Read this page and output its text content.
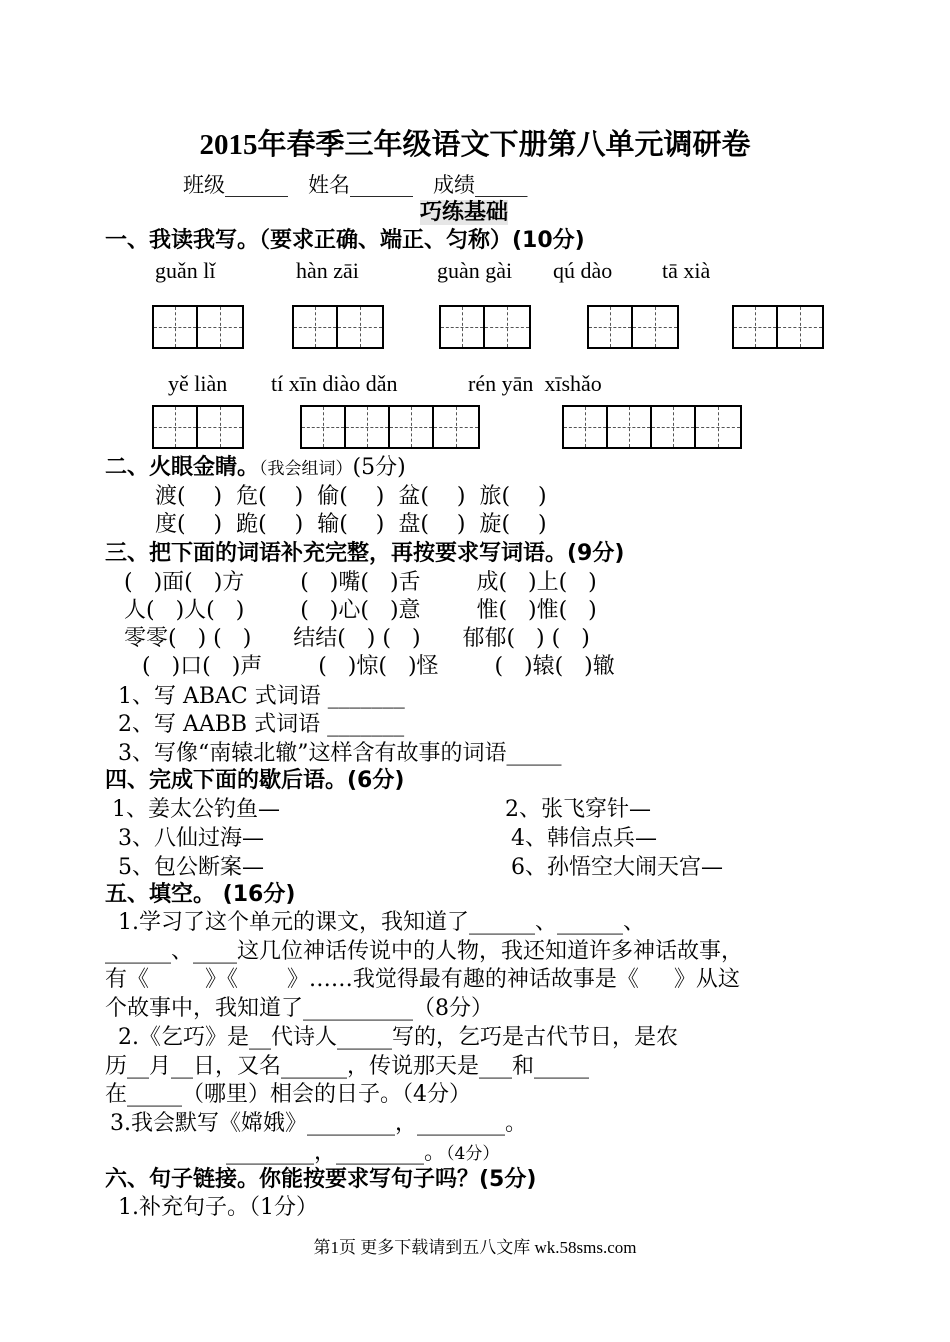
2015年春季三年级语文下册第八单元调研卷
班级______   姓名______   成绩_____
巧练基础
一、我读我写。（要求正确、端正、匀称）(10分)
guǎn lǐ	hàn zāi	guàn gài qú dào tā xià
yě liàn tí xīn diào dǎn	rén yān  xīshǎo
二、火眼金睛。（我会组词）(5分)
渡(    )  危(    )  偷(    )  盆(    )  旅(    )
度(    )  跪(    )  输(    )  盘(    )  旋(    )
三、把下面的词语补充完整，再按要求写词语。(9分)
(   )面(   )方        (   )嘴(   )舌        成(   )上(   )
人(   )人(   )        (   )心(   )意        惟(   )惟(   )
零零(   ) (   )      结结(   ) (   )      郁郁(   ) (   )
(   )口(   )声        (   )惊(   )怪        (   )辕(   )辙
1、写 ABAC 式词语 _______
2、写 AABB 式词语 _______
3、写像“南辕北辙”这样含有故事的词语_____
四、完成下面的歇后语。(6分)
1、姜太公钓鱼—	2、张飞穿针—
3、八仙过海—	4、韩信点兵—
5、包公断案—	6、孙悟空大闹天宫—
五、填空。 (16分)
1.学习了这个单元的课文，我知道了______、______、
______、____这几位神话传说中的人物，我还知道许多神话故事，
有《        》《       》……我觉得最有趣的神话故事是《     》从这
个故事中，我知道了__________（8分）
2.《乞巧》是__代诗人_____写的，乞巧是古代节日，是农
历__月__日，又名______，传说那天是___和_____
在_____（哪里）相会的日子。（4分）
3.我会默写《嫦娥》________，________。
________，________。（4分）
六、句子链接。你能按要求写句子吗？(5分)
1.补充句子。（1分）
第1页 更多下载请到五八文库 wk.58sms.com
